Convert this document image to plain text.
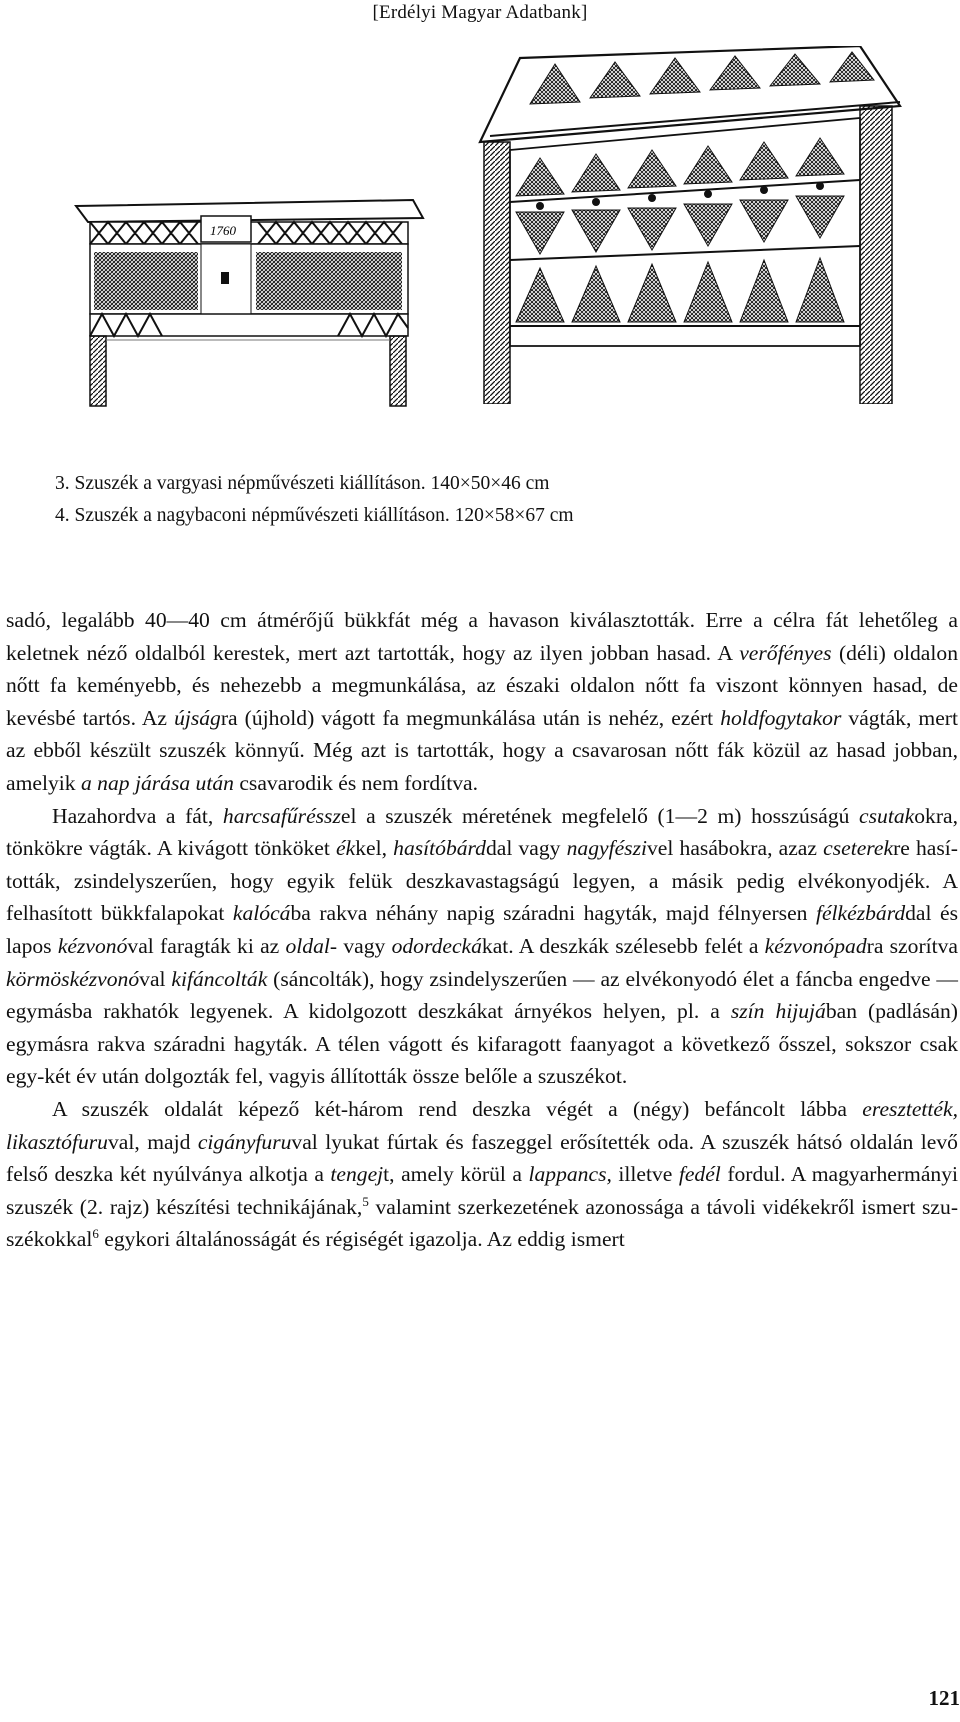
[Erdélyi Magyar Adatbank]
1760
3. Szuszék a vargyasi népművészeti kiállításon. 140×50×46 cm
4. Szuszék a nagybaconi népművészeti kiállításon. 120×58×67 cm

sadó, legalább 40—40 cm átmérőjű bükkfát még a havason kiválasztották. Erre a célra fát lehetőleg a keletnek néző oldalból kerestek, mert azt tartották, hogy az ilyen jobban hasad. A verőfényes (déli) oldalon nőtt fa keményebb, és nehezebb a megmunkálása, az északi oldalon nőtt fa viszont könnyen hasad, de kevésbé tartós. Az újságra (újhold) vágott fa megmunkálása után is nehéz, ezért holdfogytakor vágták, mert az ebből készült szuszék könnyű. Még azt is tartották, hogy a csavarosan nőtt fák közül az hasad jobban, amelyik a nap járása után csavarodik és nem fordítva.

Hazahordva a fát, harcsafűrésszel a szuszék méretének megfelelő (1—2 m) hosszúságú csutakokra, tönkökre vágták. A kivágott tönköket ékkel, hasítóbárddal vagy nagyfészivel hasábokra, azaz cseterekre hasították, zsindelyszerűen, hogy egyik felük deszkavastagságú legyen, a másik pedig elvékonyodjék. A felhasított bükkfalapokat kalócába rakva néhány napig száradni hagyták, majd félnyersen félkézbárddal és lapos kézvonóval faragták ki az oldal- vagy odordeckákat. A deszkák szélesebb felét a kézvonópadra szorítva körmöskézvonóval kifáncolták (sáncolták), hogy zsindelyszerűen — az elvékonyodó élet a fáncba engedve — egymásba rakhatók legyenek. A kidolgozott deszkákat árnyékos helyen, pl. a szín hijujában (padlásán) egymásra rakva száradni hagyták. A télen vágott és kifaragott faanyagot a következő ősszel, sokszor csak egy-két év után dolgozták fel, vagyis állították össze belőle a szuszékot.

A szuszék oldalát képező két-három rend deszka végét a (négy) befáncolt lábba eresztették, likasztófuruval, majd cigányfuruval lyukat fúrtak és faszeggel erősítették oda. A szuszék hátsó oldalán levő felső deszka két nyúlványa alkotja a tengejt, amely körül a lappancs, illetve fedél fordul. A magyarhermányi szuszék (2. rajz) készítési technikájának,$^5$ valamint szerkezetének azonossága a távoli vidékekről ismert szuszékokkal$^6$ egykori általánosságát és régiségét igazolja. Az eddig ismert

121
